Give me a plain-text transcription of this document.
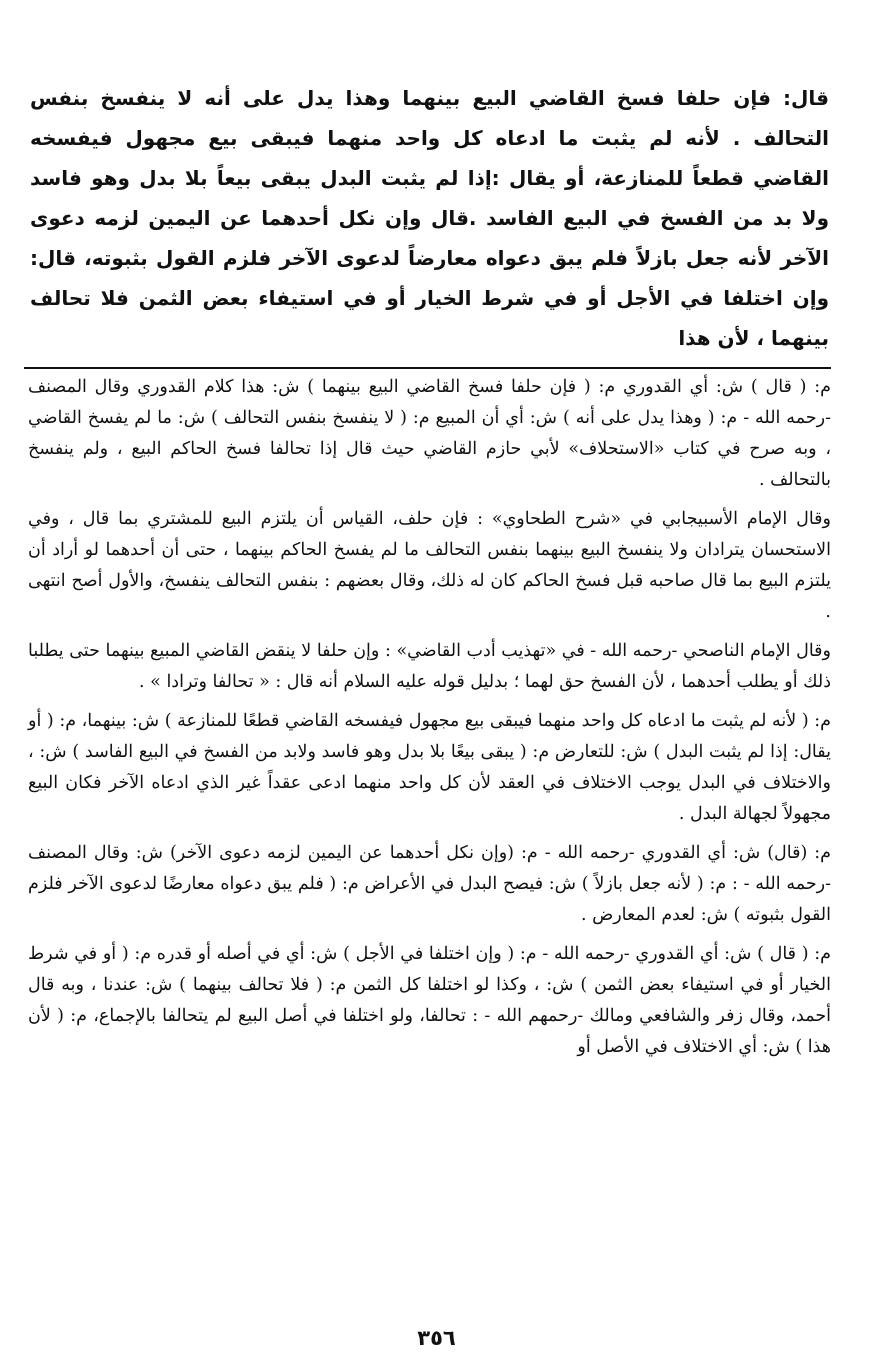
قال: فإن حلفا فسخ القاضي البيع بينهما وهذا يدل على أنه لا ينفسخ بنفس التحالف . لأنه لم يثبت ما ادعاه كل واحد منهما فيبقى بيع مجهول فيفسخه القاضي قطعاً للمنازعة، أو يقال :إذا لم يثبت البدل يبقى بيعاً بلا بدل وهو فاسد ولا بد من الفسخ في البيع الفاسد .قال وإن نكل أحدهما عن اليمين لزمه دعوى الآخر لأنه جعل بازلاً فلم يبق دعواه معارضاً لدعوى الآخر فلزم القول بثبوته، قال: وإن اختلفا في الأجل أو في شرط الخيار أو في استيفاء بعض الثمن فلا تحالف بينهما ، لأن هذا

م: ( قال ) ش: أي القدوري م: ( فإن حلفا فسخ القاضي البيع بينهما ) ش: هذا كلام القدوري وقال المصنف -رحمه الله - م: ( وهذا يدل على أنه ) ش: أي أن المبيع م: ( لا ينفسخ بنفس التحالف ) ش: ما لم يفسخ القاضي ، وبه صرح في كتاب «الاستحلاف» لأبي حازم القاضي حيث قال إذا تحالفا فسخ الحاكم البيع ، ولم ينفسخ بالتحالف .

وقال الإمام الأسبيجابي في «شرح الطحاوي» : فإن حلف، القياس أن يلتزم البيع للمشتري بما قال ، وفي الاستحسان يترادان ولا ينفسخ البيع بينهما بنفس التحالف ما لم يفسخ الحاكم بينهما ، حتى أن أحدهما لو أراد أن يلتزم البيع بما قال صاحبه قبل فسخ الحاكم كان له ذلك، وقال بعضهم : بنفس التحالف ينفسخ، والأول أصح انتهى .

وقال الإمام الناصحي -رحمه الله - في «تهذيب أدب القاضي» : وإن حلفا لا ينقض القاضي المبيع بينهما حتى يطلبا ذلك أو يطلب أحدهما ، لأن الفسخ حق لهما ؛ بدليل قوله عليه السلام أنه قال : « تحالفا وترادا » .

م: ( لأنه لم يثبت ما ادعاه كل واحد منهما فيبقى بيع مجهول فيفسخه القاضي قطعًا للمنازعة ) ش: بينهما، م: ( أو يقال: إذا لم يثبت البدل ) ش: للتعارض م: ( يبقى بيعًا بلا بدل وهو فاسد ولابد من الفسخ في البيع الفاسد ) ش: ، والاختلاف في البدل يوجب الاختلاف في العقد لأن كل واحد منهما ادعى عقداً غير الذي ادعاه الآخر فكان البيع مجهولاً لجهالة البدل .

م: (قال) ش: أي القدوري -رحمه الله - م: (وإن نكل أحدهما عن اليمين لزمه دعوى الآخر) ش: وقال المصنف -رحمه الله - : م: ( لأنه جعل بازلاً ) ش: فيصح البدل في الأعراض م: ( فلم يبق دعواه معارضًا لدعوى الآخر فلزم القول بثبوته ) ش: لعدم المعارض .

م: ( قال ) ش: أي القدوري -رحمه الله - م: ( وإن اختلفا في الأجل ) ش: أي في أصله أو قدره م: ( أو في شرط الخيار أو في استيفاء بعض الثمن ) ش: ، وكذا لو اختلفا كل الثمن م: ( فلا تحالف بينهما ) ش: عندنا ، وبه قال أحمد، وقال زفر والشافعي ومالك -رحمهم الله - : تحالفا، ولو اختلفا في أصل البيع لم يتحالفا بالإجماع، م: ( لأن هذا ) ش: أي الاختلاف في الأصل أو

٣٥٦
